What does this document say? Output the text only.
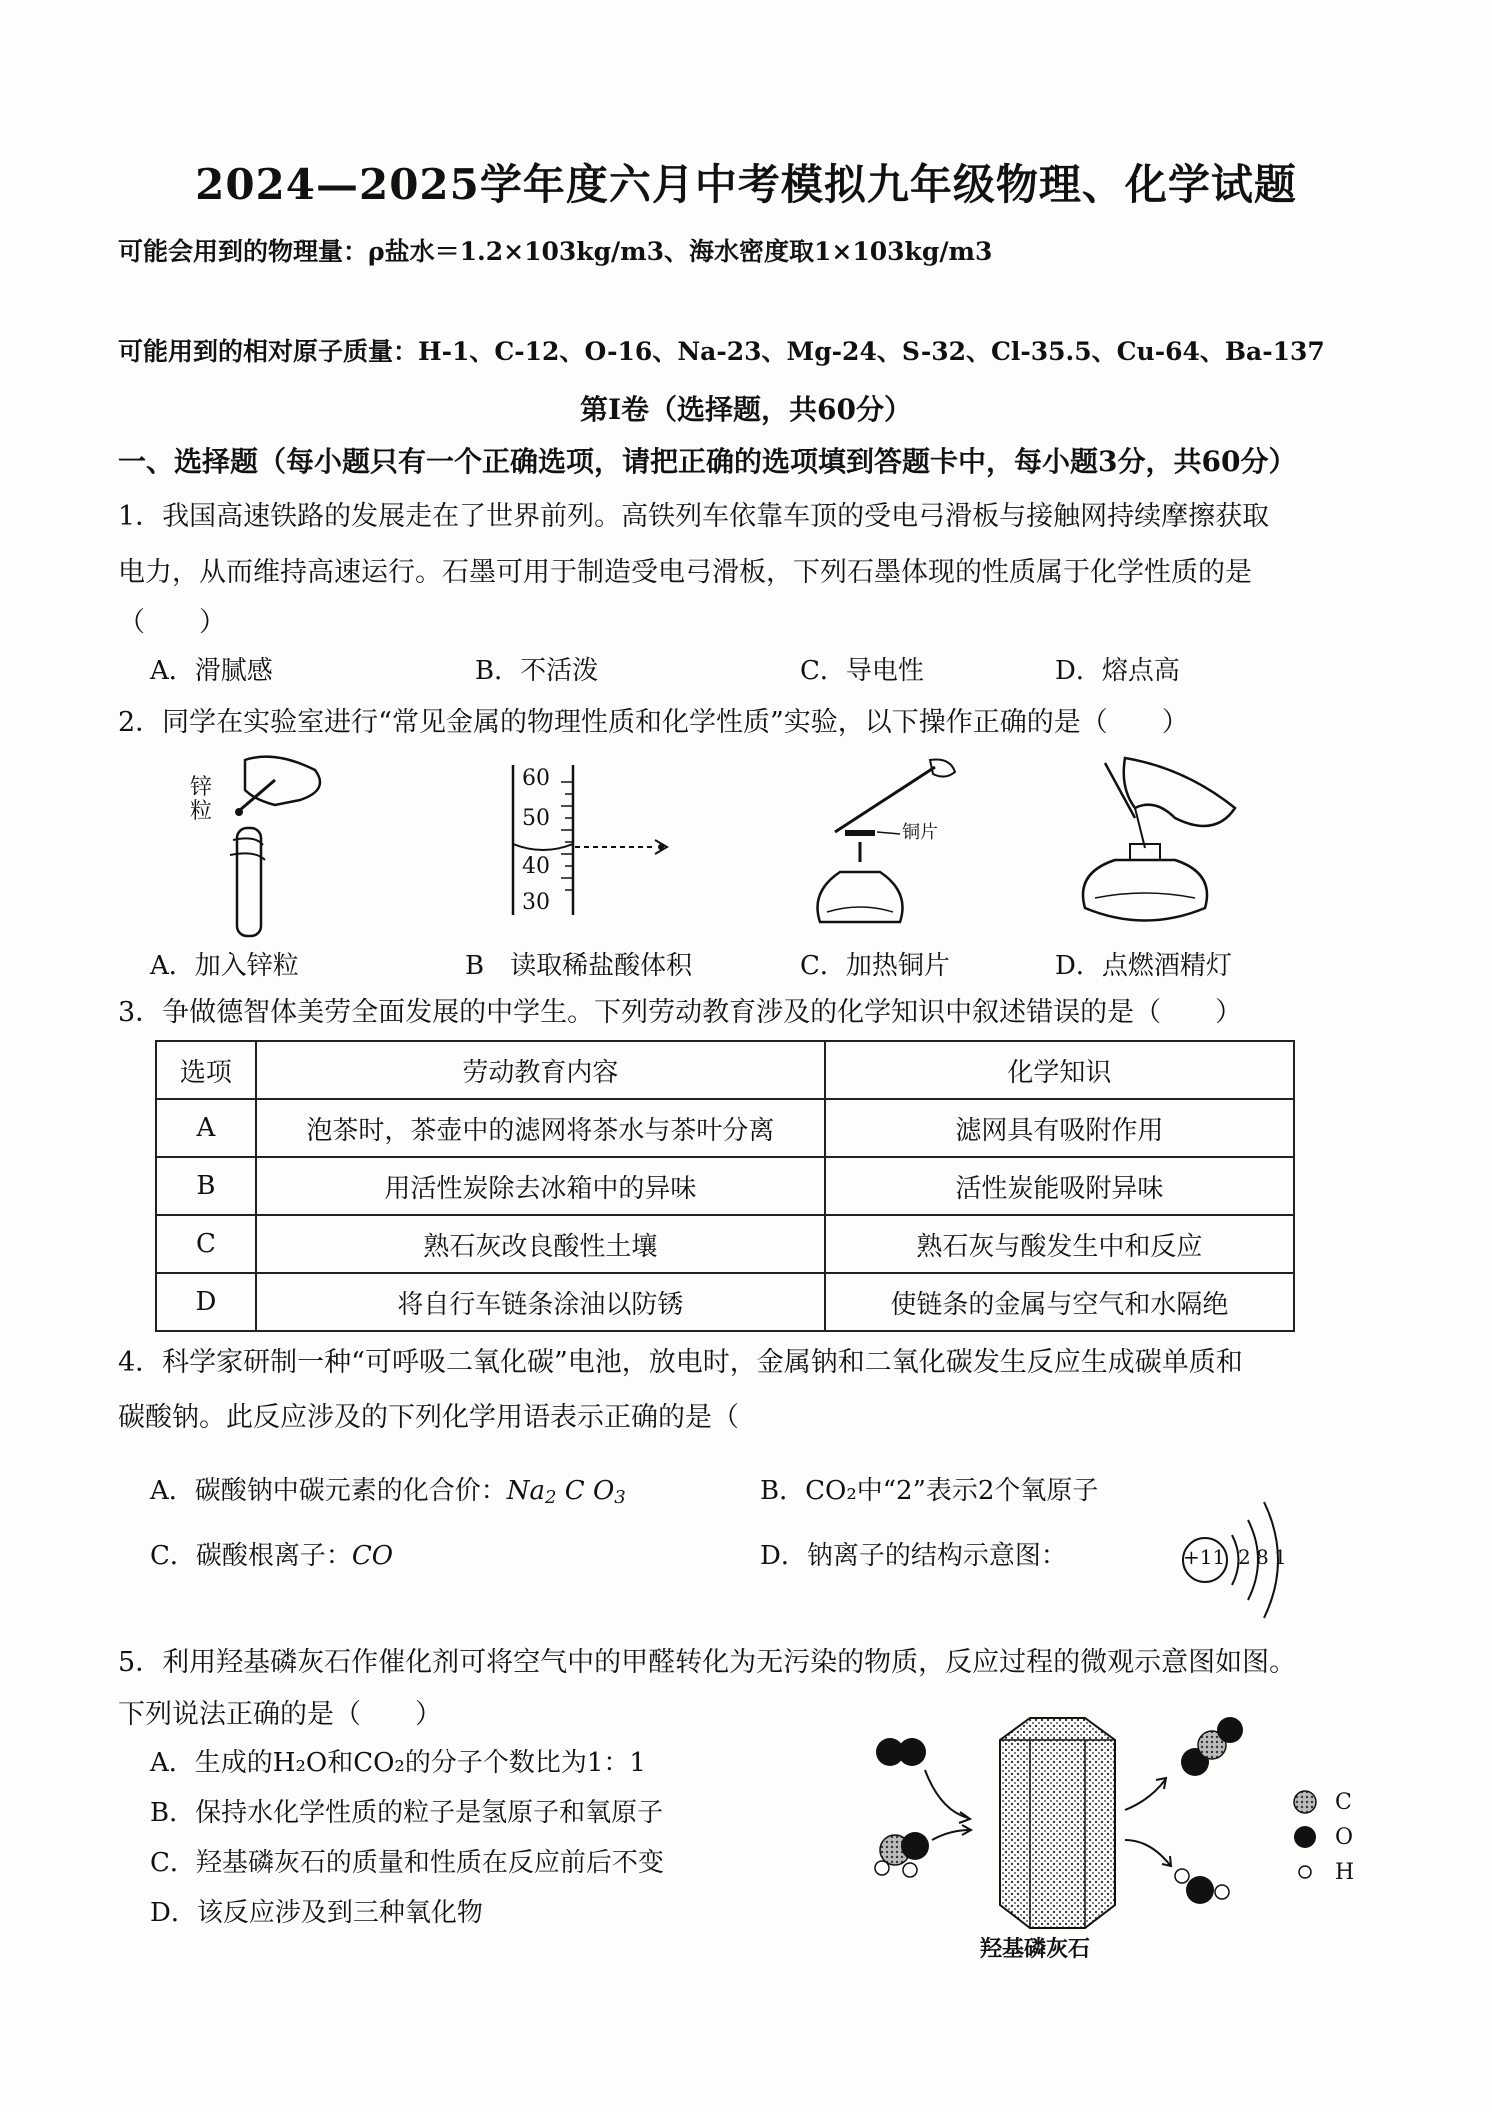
2024—2025学年度六月中考模拟九年级物理、化学试题
可能会用到的物理量：ρ盐水＝1.2×103kg/m3、海水密度取1×103kg/m3
可能用到的相对原子质量：H-1、C-12、O-16、Na-23、Mg-24、S-32、Cl-35.5、Cu-64、Ba-137
第Ⅰ卷（选择题，共60分）
一、选择题（每小题只有一个正确选项，请把正确的选项填到答题卡中，每小题3分，共60分）
1．我国高速铁路的发展走在了世界前列。高铁列车依靠车顶的受电弓滑板与接触网持续摩擦获取
电力，从而维持高速运行。石墨可用于制造受电弓滑板，下列石墨体现的性质属于化学性质的是
（　　）
A．滑腻感	B．不活泼	C．导电性	D．熔点高
2．同学在实验室进行“常见金属的物理性质和化学性质”实验，以下操作正确的是（　　）
锌
粒
60
50
40
30
铜片
A．加入锌粒	B　读取稀盐酸体积	C．加热铜片	D．点燃酒精灯
3．争做德智体美劳全面发展的中学生。下列劳动教育涉及的化学知识中叙述错误的是（　　）
选项	劳动教育内容	化学知识
A	泡茶时，茶壶中的滤网将茶水与茶叶分离	滤网具有吸附作用
B	用活性炭除去冰箱中的异味	活性炭能吸附异味
C	熟石灰改良酸性土壤	熟石灰与酸发生中和反应
D	将自行车链条涂油以防锈	使链条的金属与空气和水隔绝
4．科学家研制一种“可呼吸二氧化碳”电池，放电时，金属钠和二氧化碳发生反应生成碳单质和
碳酸钠。此反应涉及的下列化学用语表示正确的是（
A．碳酸钠中碳元素的化合价：$Na_2$ C $O_3$	B．CO₂中“2”表示2个氧原子
C．碳酸根离子：CO	D．钠离子的结构示意图：	+11 2 8 1
5．利用羟基磷灰石作催化剂可将空气中的甲醛转化为无污染的物质，反应过程的微观示意图如图。
下列说法正确的是（　　）
A．生成的H₂O和CO₂的分子个数比为1：1
B．保持水化学性质的粒子是氢原子和氧原子
C．羟基磷灰石的质量和性质在反应前后不变
D．该反应涉及到三种氧化物
C
O
H
羟基磷灰石
